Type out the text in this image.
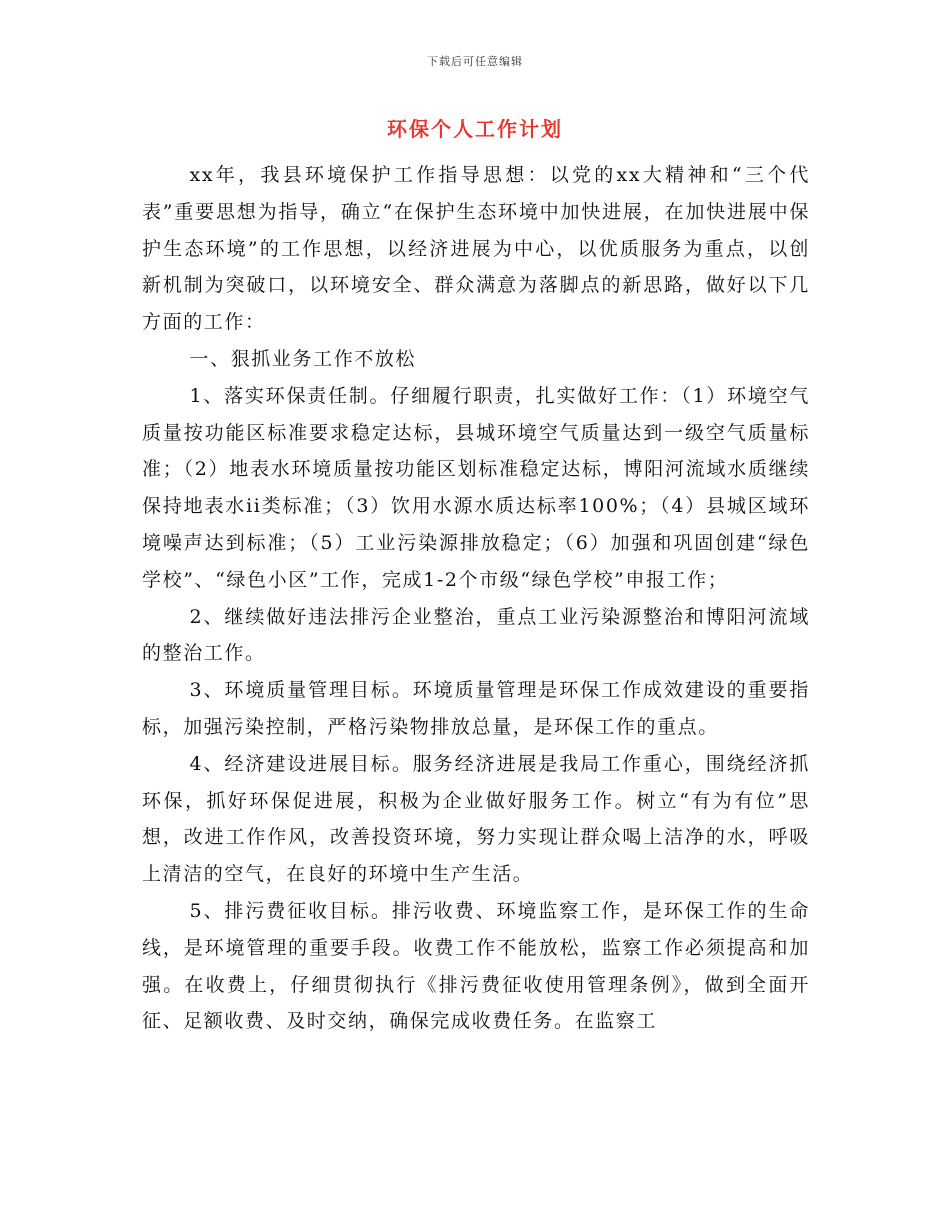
下载后可任意编辑
环保个人工作计划

xx年，我县环境保护工作指导思想：以党的xx大精神和“三个代表”重要思想为指导，确立“在保护生态环境中加快进展，在加快进展中保护生态环境”的工作思想，以经济进展为中心，以优质服务为重点，以创新机制为突破口，以环境安全、群众满意为落脚点的新思路，做好以下几方面的工作：

一、狠抓业务工作不放松

1、落实环保责任制。仔细履行职责，扎实做好工作：（1）环境空气质量按功能区标准要求稳定达标，县城环境空气质量达到一级空气质量标准；（2）地表水环境质量按功能区划标准稳定达标，博阳河流域水质继续保持地表水ii类标准；（3）饮用水源水质达标率100%；（4）县城区域环境噪声达到标准；（5）工业污染源排放稳定；（6）加强和巩固创建“绿色学校”、“绿色小区”工作，完成1-2个市级“绿色学校”申报工作；

2、继续做好违法排污企业整治，重点工业污染源整治和博阳河流域的整治工作。

3、环境质量管理目标。环境质量管理是环保工作成效建设的重要指标，加强污染控制，严格污染物排放总量，是环保工作的重点。

4、经济建设进展目标。服务经济进展是我局工作重心，围绕经济抓环保，抓好环保促进展，积极为企业做好服务工作。树立“有为有位”思想，改进工作作风，改善投资环境，努力实现让群众喝上洁净的水，呼吸上清洁的空气，在良好的环境中生产生活。

5、排污费征收目标。排污收费、环境监察工作，是环保工作的生命线，是环境管理的重要手段。收费工作不能放松，监察工作必须提高和加强。在收费上，仔细贯彻执行《排污费征收使用管理条例》，做到全面开征、足额收费、及时交纳，确保完成收费任务。在监察工
